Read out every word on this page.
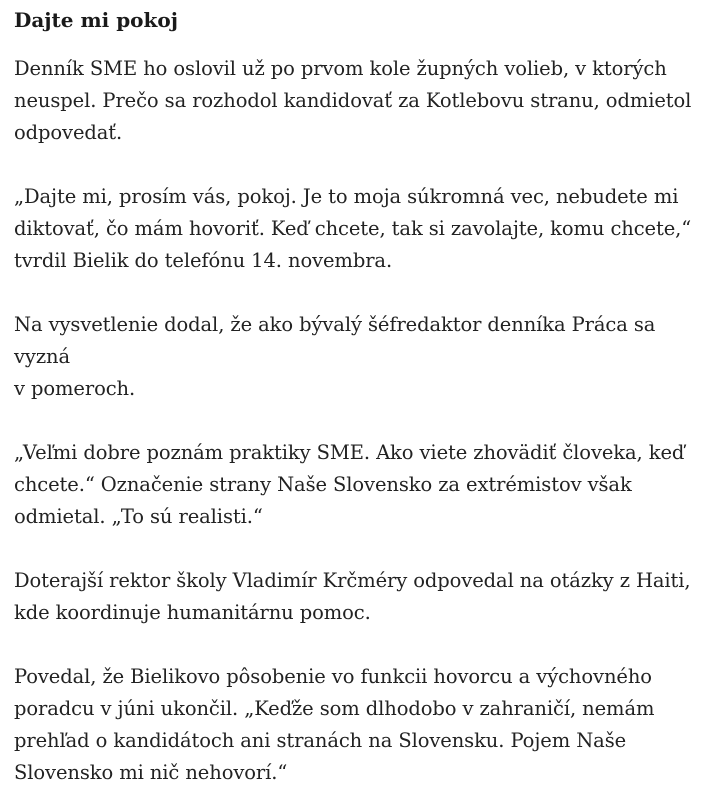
Dajte mi pokoj

Denník SME ho oslovil už po prvom kole župných volieb, v ktorých
neuspel. Prečo sa rozhodol kandidovať za Kotlebovu stranu, odmietol
odpovedať.

„Dajte mi, prosím vás, pokoj. Je to moja súkromná vec, nebudete mi
diktovať, čo mám hovoriť. Keď chcete, tak si zavolajte, komu chcete,“
tvrdil Bielik do telefónu 14. novembra.

Na vysvetlenie dodal, že ako bývalý šéfredaktor denníka Práca sa vyzná
v pomeroch.

„Veľmi dobre poznám praktiky SME. Ako viete zhovädiť človeka, keď
chcete.“ Označenie strany Naše Slovensko za extrémistov však
odmietal. „To sú realisti.“

Doterajší rektor školy Vladimír Krčméry odpovedal na otázky z Haiti,
kde koordinuje humanitárnu pomoc.

Povedal, že Bielikovo pôsobenie vo funkcii hovorcu a výchovného
poradcu v júni ukončil. „Keďže som dlhodobo v zahraničí, nemám
prehľad o kandidátoch ani stranách na Slovensku. Pojem Naše
Slovensko mi nič nehovorí.“
